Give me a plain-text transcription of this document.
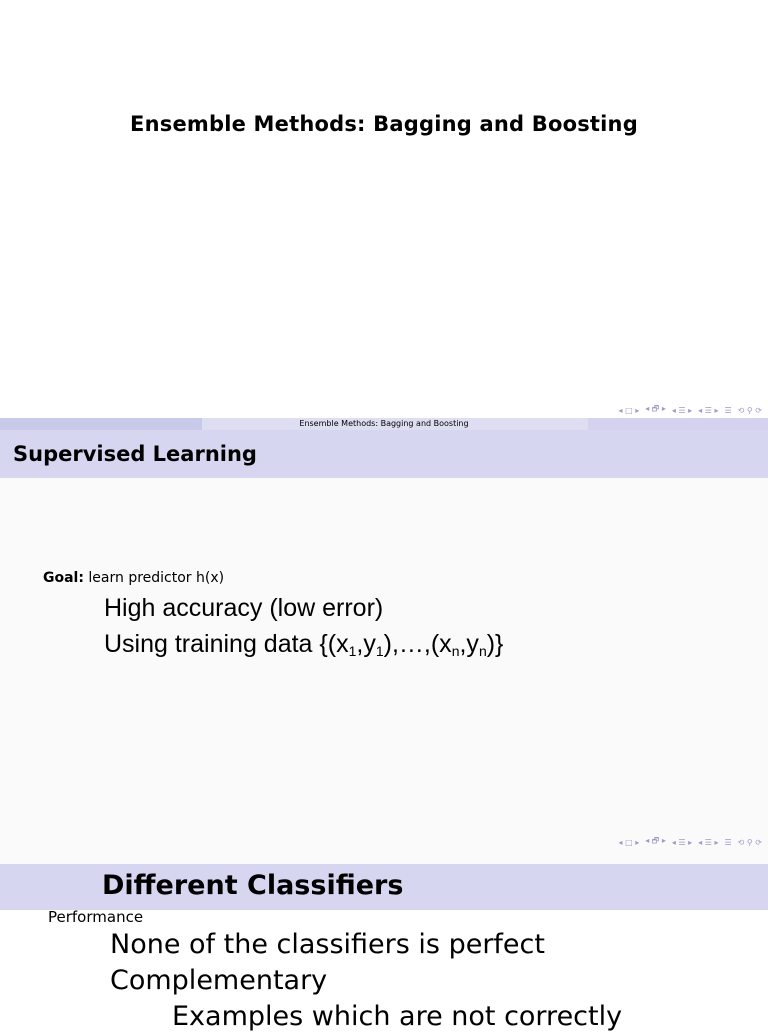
Ensemble Methods: Bagging and Boosting
◂ □ ▸ ◂ 🗗 ▸ ◂ ☰ ▸ ◂ ☰ ▸ ☰ ⟲ ⚲ ⟳
Ensemble Methods: Bagging and Boosting
Supervised Learning
Goal: learn predictor h(x)
High accuracy (low error)
Using training data $\{(x_1,y_1),\dots,(x_n,y_n)\}$
◂ □ ▸ ◂ 🗗 ▸ ◂ ☰ ▸ ◂ ☰ ▸ ☰ ⟲ ⚲ ⟳
Different Classifiers
Performance
None of the classifiers is perfect
Complementary
Examples which are not correctly
